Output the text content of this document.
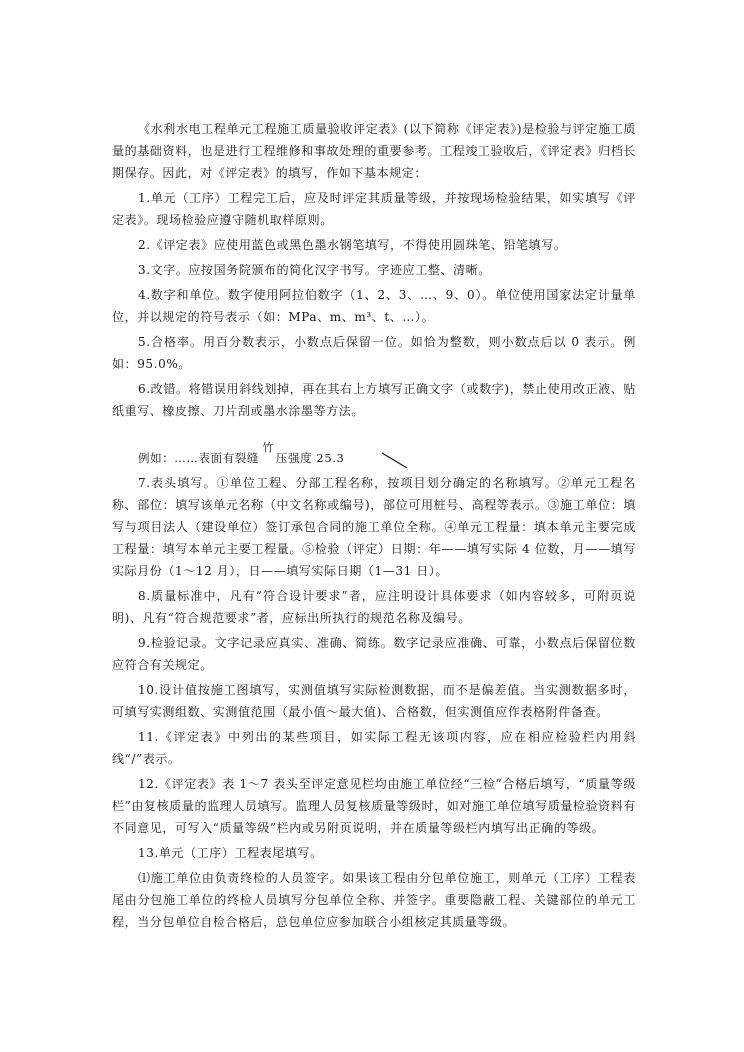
《水利水电工程单元工程施工质量验收评定表》(以下简称《评定表》)是检验与评定施工质量的基础资料，也是进行工程维修和事故处理的重要参考。工程竣工验收后，《评定表》归档长期保存。因此，对《评定表》的填写，作如下基本规定：

1.单元（工序）工程完工后，应及时评定其质量等级，并按现场检验结果，如实填写《评定表》。现场检验应遵守随机取样原则。

2.《评定表》应使用蓝色或黑色墨水钢笔填写，不得使用圆珠笔、铅笔填写。

3.文字。应按国务院颁布的简化汉字书写。字迹应工整、清晰。

4.数字和单位。数字使用阿拉伯数字（1、2、3、…、9、0）。单位使用国家法定计量单位，并以规定的符号表示（如：MPa、m、m³、t、…）。

5.合格率。用百分数表示，小数点后保留一位。如恰为整数，则小数点后以 0 表示。例如：95.0%。

6.改错。将错误用斜线划掉，再在其右上方填写正确文字（或数字)，禁止使用改正液、贴纸重写、橡皮擦、刀片刮或墨水涂墨等方法。

例如：……表面有裂缝
竹
压强度 25.3

7.表头填写。①单位工程、分部工程名称，按项目划分确定的名称填写。②单元工程名称、部位：填写该单元名称（中文名称或编号)，部位可用桩号、高程等表示。③施工单位：填写与项目法人（建设单位）签订承包合同的施工单位全称。④单元工程量：填本单元主要完成工程量：填写本单元主要工程量。⑤检验（评定）日期：年——填写实际 4 位数，月——填写实际月份（1～12 月），日——填写实际日期（1—31 日）。

8.质量标准中，凡有“符合设计要求”者，应注明设计具体要求（如内容较多，可附页说明)、凡有“符合规范要求”者，应标出所执行的规范名称及编号。

9.检验记录。文字记录应真实、准确、简练。数字记录应准确、可靠，小数点后保留位数应符合有关规定。

10.设计值按施工图填写，实测值填写实际检测数据，而不是偏差值。当实测数据多时，可填写实测组数、实测值范围（最小值～最大值)、合格数，但实测值应作表格附件备查。

11.《评定表》中列出的某些项目，如实际工程无该项内容，应在相应检验栏内用斜线“/”表示。

12.《评定表》表 1～7 表头至评定意见栏均由施工单位经“三检”合格后填写，“质量等级栏”由复核质量的监理人员填写。监理人员复核质量等级时，如对施工单位填写质量检验资料有不同意见，可写入“质量等级”栏内或另附页说明，并在质量等级栏内填写出正确的等级。

13.单元（工序）工程表尾填写。

⑴施工单位由负责终检的人员签字。如果该工程由分包单位施工，则单元（工序）工程表尾由分包施工单位的终检人员填写分包单位全称、并签字。重要隐蔽工程、关键部位的单元工程，当分包单位自检合格后，总包单位应参加联合小组核定其质量等级。
